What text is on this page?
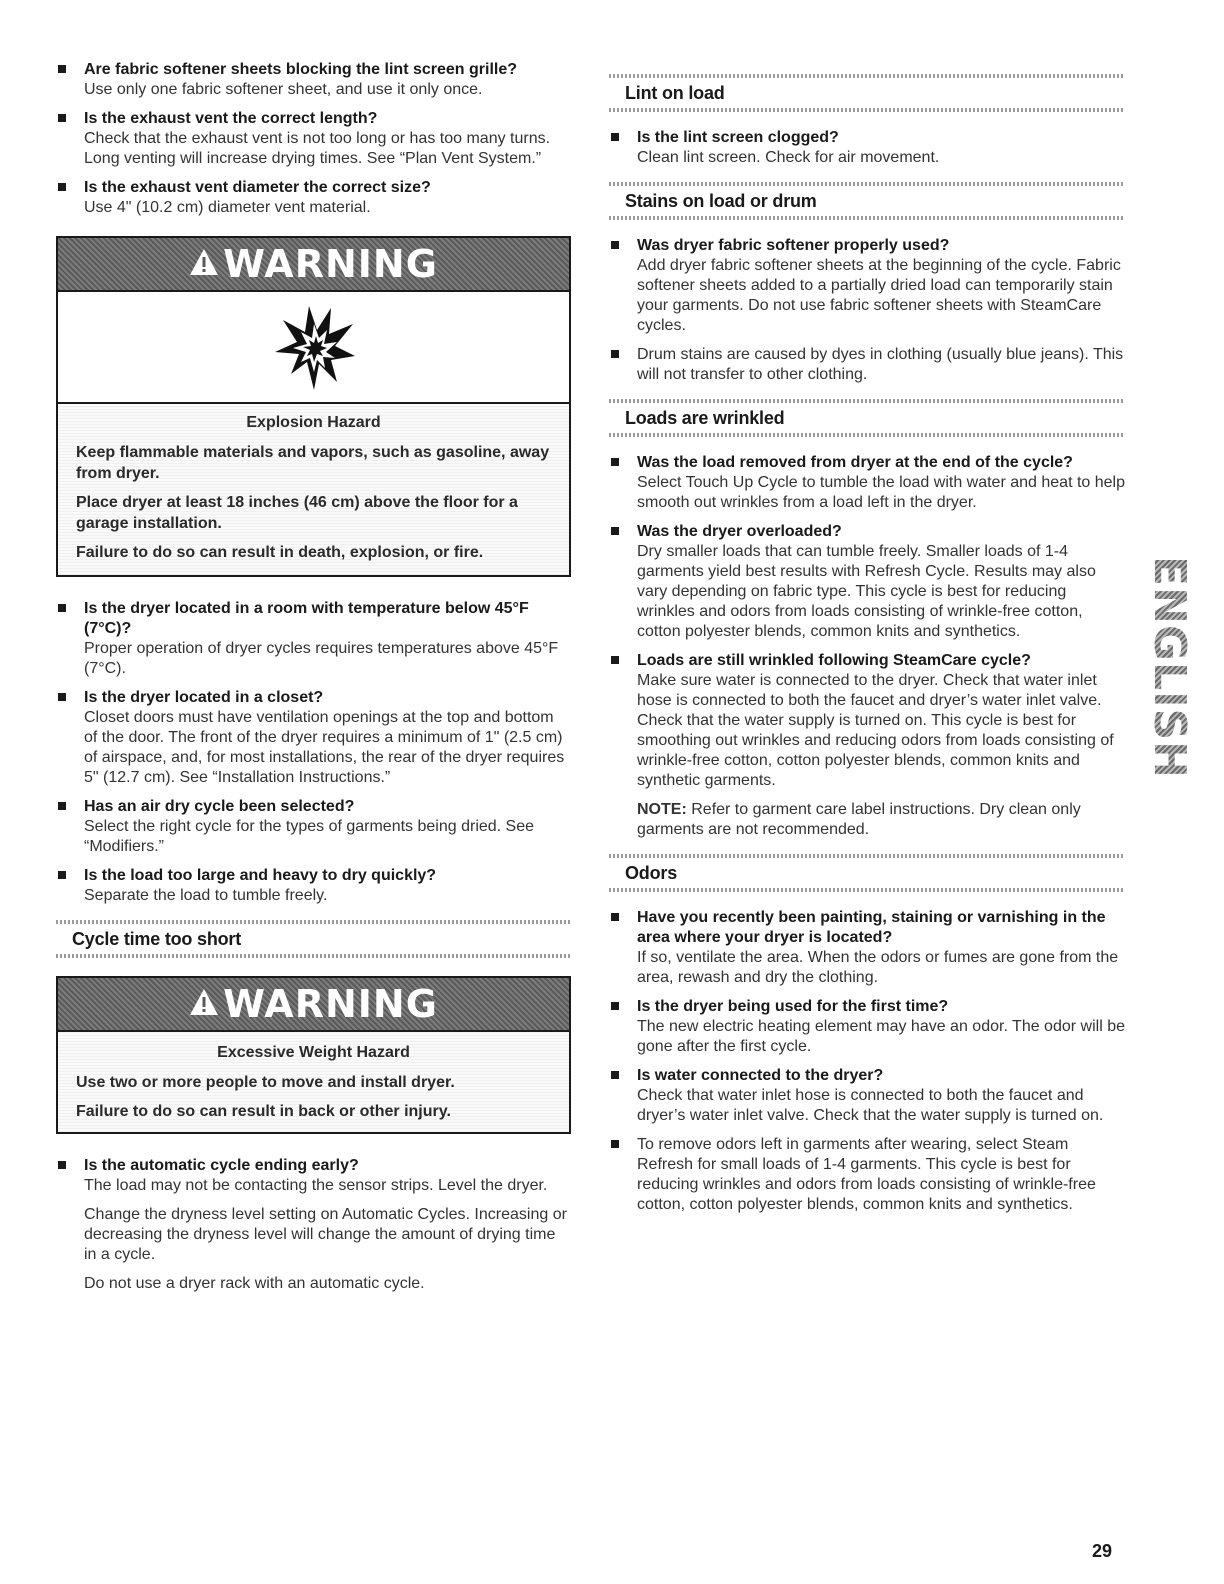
Are fabric softener sheets blocking the lint screen grille?
Use only one fabric softener sheet, and use it only once.
Is the exhaust vent the correct length?
Check that the exhaust vent is not too long or has too many turns. Long venting will increase drying times. See “Plan Vent System.”
Is the exhaust vent diameter the correct size?
Use 4" (10.2 cm) diameter vent material.
WARNING
Explosion Hazard
Keep flammable materials and vapors, such as gasoline, away from dryer.
Place dryer at least 18 inches (46 cm) above the floor for a garage installation.
Failure to do so can result in death, explosion, or fire.
Is the dryer located in a room with temperature below 45°F (7°C)?
Proper operation of dryer cycles requires temperatures above 45°F (7°C).
Is the dryer located in a closet?
Closet doors must have ventilation openings at the top and bottom of the door. The front of the dryer requires a minimum of 1" (2.5 cm) of airspace, and, for most installations, the rear of the dryer requires 5" (12.7 cm). See “Installation Instructions.”
Has an air dry cycle been selected?
Select the right cycle for the types of garments being dried. See “Modifiers.”
Is the load too large and heavy to dry quickly?
Separate the load to tumble freely.
Cycle time too short
WARNING
Excessive Weight Hazard
Use two or more people to move and install dryer.
Failure to do so can result in back or other injury.
Is the automatic cycle ending early?
The load may not be contacting the sensor strips. Level the dryer.

Change the dryness level setting on Automatic Cycles. Increasing or decreasing the dryness level will change the amount of drying time in a cycle.

Do not use a dryer rack with an automatic cycle.

Lint on load
Is the lint screen clogged?
Clean lint screen. Check for air movement.
Stains on load or drum
Was dryer fabric softener properly used?
Add dryer fabric softener sheets at the beginning of the cycle. Fabric softener sheets added to a partially dried load can temporarily stain your garments. Do not use fabric softener sheets with SteamCare cycles.
Drum stains are caused by dyes in clothing (usually blue jeans). This will not transfer to other clothing.
Loads are wrinkled
Was the load removed from dryer at the end of the cycle?
Select Touch Up Cycle to tumble the load with water and heat to help smooth out wrinkles from a load left in the dryer.
Was the dryer overloaded?
Dry smaller loads that can tumble freely. Smaller loads of 1-4 garments yield best results with Refresh Cycle. Results may also vary depending on fabric type. This cycle is best for reducing wrinkles and odors from loads consisting of wrinkle-free cotton, cotton polyester blends, common knits and synthetics.
Loads are still wrinkled following SteamCare cycle?
Make sure water is connected to the dryer. Check that water inlet hose is connected to both the faucet and dryer’s water inlet valve. Check that the water supply is turned on. This cycle is best for smoothing out wrinkles and reducing odors from loads consisting of wrinkle-free cotton, cotton polyester blends, common knits and synthetic garments.

NOTE: Refer to garment care label instructions. Dry clean only garments are not recommended.

Odors
Have you recently been painting, staining or varnishing in the area where your dryer is located?
If so, ventilate the area. When the odors or fumes are gone from the area, rewash and dry the clothing.
Is the dryer being used for the first time?
The new electric heating element may have an odor. The odor will be gone after the first cycle.
Is water connected to the dryer?
Check that water inlet hose is connected to both the faucet and dryer’s water inlet valve. Check that the water supply is turned on.
To remove odors left in garments after wearing, select Steam Refresh for small loads of 1-4 garments. This cycle is best for reducing wrinkles and odors from loads consisting of wrinkle-free cotton, cotton polyester blends, common knits and synthetics.
ENGLISH
29
